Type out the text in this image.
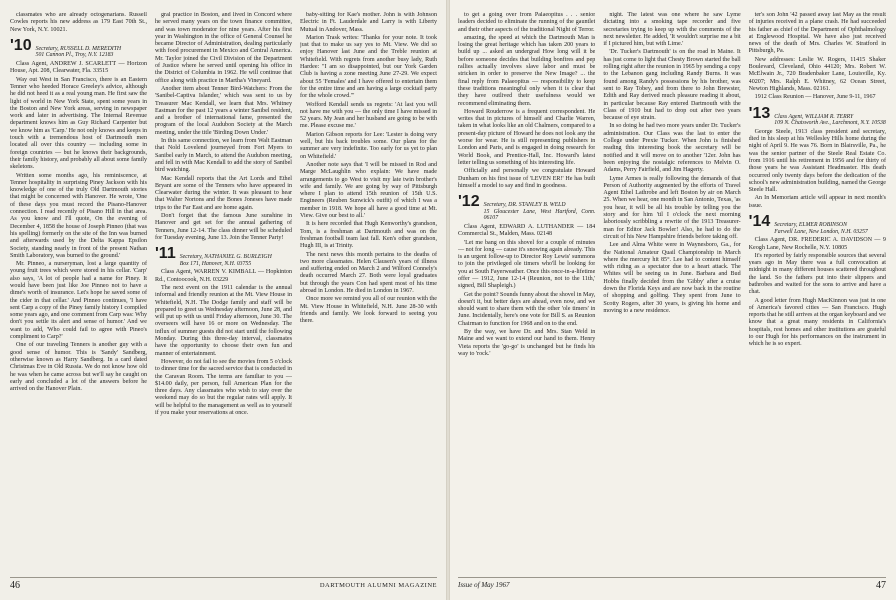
classmates who are already octogenarians. Russell Cowles reports his new address as 179 East 70th St., New York, N.Y. 10021.

'10 Secretary, RUSSELL D. MEREDITH
501 Cannon Pl., Troy, N.Y. 12183

Class Agent, ANDREW J. SCARLETT — Horizon House, Apt. 208, Clearwater, Fla. 33515

Way out West in San Francisco, there is an Eastern Tenner who heeded Horace Greeley's advice, although he did not heed it as a real young man. He first saw the light of world in New York State, spent some years in the Boston and New York areas, serving in newspaper work and later in advertising. The Internal Revenue department knows him as Guy Richard Carpenter but we know him as 'Carp.' He not only knows and keeps in touch with a tremendous host of Dartmouth men located all over this country — including some in foreign countries — but he knows their backgrounds, their family history, and probably all about some family skeletons.

Written some months ago, his reminiscence, at Tenner hospitality in surprising Piney Jackson with his knowledge of one of the truly Old Dartmouth stories that might be concerned with Hanover. He wrote, 'One of these days you must record the Pisano-Hanover connection. I read recently of Pisano Hill in that area. As you know and I'll quote, On the evening of December 4, 1858 the house of Joseph Pinneo (that was his spelling) formerly on the site of the Inn was burned and afterwards used by the Delta Kappa Epsilon Society, standing nearly in front of the present Nathan Smith Laboratory, was burned to the ground.'

Mr. Pinneo, a nurseryman, lost a large quantity of young fruit trees which were stored in his cellar. 'Carp' also says, 'A lot of people had a name for Piney. It would have been just like Joe Pinneo not to have a dime's worth of insurance. Let's hope he saved some of the cider in that cellar.' And Pinneo continues, 'I have sent Carp a copy of the Piney family history I compiled some years ago, and one comment from Carp was: Why don't you settle its alert and sense of humor.' And we want to add, 'Who could fail to agree with Pineo's compliment to Carp?'

One of our traveling Tenners is another guy with a good sense of humor. This is 'Sandy' Sandberg, otherwise known as Harry Sandberg. In a card dated Christmas Eve in Old Russia. We do not know how old he was when he came across but we'll say he caught on early and concluded a lot of the answers before he arrived on the Hanover Plain.

gral practice in Boston, and lived in Concord where he served many years on the town finance committee, and was town moderator for nine years. After his first year in Washington in the office of General Counsel he became Director of Administration, dealing particularly with food procurement in Mexico and Central America. Mr. Taylor joined the Civil Division of the Department of Justice where he served until opening his office in the District of Columbia in 1962. He will continue that office along with practice in Martha's Vineyard.

Another item about Tenner Bird-Watchers: From the 'Sanibel-Captiva Islander,' which was sent to us by Treasurer Mac Kendall, we learn that Mrs. Whitney Eastman for the past 12 years a winter Sanibel resident, and a brother of international fame, presented the program of the local Audubon Society at the March meeting, under the title 'Birding Down Under.'

In this same connection, we learn from Walt Eastman that Nold Lovelend journeyed from Fort Myers to Sanibel early in March, to attend the Audubon meeting, and fell in with Mac Kendall to add the story of Sanibel bird watching.

Mac Kendall reports that the Art Lords and Ethel Bryant are some of the Tenners who have appeared in Clearwater during the winter. It was pleasant to hear that Walter Nortons and the Bones Joneses have made trips to the Far East and are home again.

Don't forget that the famous June sunshine in Hanover and get set for the annual gathering of Tenners, June 12-14. The class dinner will be scheduled for Tuesday evening, June 13. Join the Tenner Party!

'11 Secretary, NATHANIEL G. BURLEIGH
Box 171, Hanover, N.H. 03755

Class Agent, WARREN V. KIMBALL — Hopkinton Rd., Contoocook, N.H. 03229

The next event on the 1911 calendar is the annual informal and friendly reunion at the Mt. View House in Whitefield, N.H. The Dodge family and staff will be prepared to greet us Wednesday afternoon, June 28, and will put up with us until Friday afternoon, June 30. The overseers will have 16 or more on Wednesday. The influx of summer guests did not start until the following Monday. During this three-day interval, classmates have the opportunity to choose their own fun and manner of entertainment.

However, do not fail to see the movies from 5 o'clock to dinner time for the sacred service that is conducted in the Caravan Room. The terms are familiar to you — $14.00 daily, per person, full American Plan for the three days. Any classmates who wish to stay over the weekend may do so but the regular rates will apply. It will be helpful to the management as well as to yourself if you make your reservations at once.

baby-sitting for Kae's mother. John is with Johnson Electric in Ft. Lauderdale and Larry is with Liberty Mutual in Andover, Mass.

Marion Trask writes: 'Thanks for your note. It took just that to make us say yes to Mt. View. We did so enjoy Hanover last June and the Treble reunion at Whitefield. With regrets from another busy lady, Ruth Hardee: "I am so disappointed, but our York Garden Club is having a zone meeting June 27-29. We expect about 55 'Females' and I have offered to entertain them for the entire time and am having a large cocktail party for the whole crowd."'

Wofford Kendall sends us regrets: 'At last you will not have me with you — the only time I have missed in 52 years. My Jean and her husband are going to be with me. Please excuse me.'

Marion Gibson reports for Lee: 'Lester is doing very well, but his back troubles some. Our plans for the summer are very indefinite. Too early for us yet to plan on Whitefield.'

Another note says that 'I will be missed in Rod and Marge McLaughlin who explain: We have made arrangements to go West to visit my late twin brother's wife and family. We are going by way of Pittsburgh where I plan to attend 15th reunion of 15th U.S. Engineers (Reuben Sunwick's outfit) of which I was a member in 1918. We hope all have a good time at Mt. View. Give our best to all.'

It is here recorded that Hugh Kenworthy's grandson, Tom, is a freshman at Dartmouth and was on the freshman football team last fall. Ken's other grandson, Hugh III, is at Trinity.

The next news this month pertains to the deaths of two more classmates. Helen Clausen's years of illness and suffering ended on March 2 and Wilford Connely's death occurred March 27. Both were loyal graduates but through the years Con had spent most of his time abroad in London. He died in London in 1967.

Once more we remind you all of our reunion with the Mt. View House in Whitefield, N.H. June 28-30 with friends and family. We look forward to seeing you there.

46	DARTMOUTH ALUMNI MAGAZINE

to get a going over from Palaeopitus . . . senior leaders decided to eliminate the running of the gauntlet and their other aspects of the traditional Night of Terror.

amazing, the speed at which the Dartmouth Man is losing the great heritage which has taken 200 years to build up ... asked an undergrad How long will it be before someone decides that building bonfires and pep rallies actually involves slave labor and must be stricken in order to preserve the New Image? ... the final reply from Palaeopitus — responsibility to keep these traditions meaningful only when it is clear that they have outlived their usefulness would we recommend eliminating them.

Howard Rouderrow is a frequent correspondent. He writes that in pictures of himself and Charlie Warren, taken in what looks like an old Chalmers, compared to a present-day picture of Howard he does not look any the worse for wear. He is still representing publishers in London and Paris, and is engaged in doing research for World Book, and Prentice-Hall, Inc. Howard's latest letter telling us something of his interesting life.

Officially and personally we congratulate Howard Dunham on his first issue of 'LEVEN ER!' He has built himself a model to say and find in goodness.

'12 Secretary, DR. STANLEY B. WELD
15 Gloucester Lane, West Hartford, Conn. 06107

Class Agent, EDWARD A. LUTHANDER — 184 Commercial St., Malden, Mass. 02148

'Let me bang on this shovel for a couple of minutes — not for long — cause it's snowing again already. This is an urgent follow-up to Director Roy Lewis' summons to join the privileged ole timers who'll be looking for you at South Fayerweather. Once this once-in-a-lifetime offer — 1912, June 12-14 (Reunion, not to the 11th,' signed, Bill Shapleigh.)

Get the point? Sounds funny about the shovel in May, doesn't it, but better days are ahead, even now, and we should want to share them with the other 'ole timers' in June. Incidentally, here's one vote for Bill S. as Reunion Chairman to function for 1968 and on to the end.

By the way, we have Dr. and Mrs. Stan Weld in Maine and we want to extend our hand to them. Henry Vieta reports the 'go-go' is unchanged but he finds his way to 'rock.'

night. The latest was one where he saw Lyme dictating into a smoking tape recorder and five secretaries trying to keep up with the comments of the next newsletter. He added, 'It wouldn't surprise me a bit if I pictured him, but with Lime.'

'Dr. Tucker's Dartmouth' is on the road in Maine. It has just come to light that Chesty Brown started the ball rolling right after the reunion in 1965 by sending a copy to the Lebanon gang including Randy Burns. It was found among Randy's possessions by his brother, was sent to Ray Tobey, and from there to John Brewster, Edith and Ray derived much pleasure reading it about, in particular because Ray entered Dartmouth with the Class of 1910 but had to drop out after two years because of eye strain.

In so doing he had two more years under Dr. Tucker's administration. Our Class was the last to enter the College under Prexie Tucker. When John is finished reading this interesting book the secretary will be notified and it will move on to another '12er. John has been enjoying the nostalgic references to Melvin O. Adams, Perry Fairfield, and Jim Hagerty.

Lyme Armes is really following the demands of that Person of Authority augmented by the efforts of Travel Agent Ethel Lathrobe and left Boston by air on March 25. When we hear, one month in San Antonio, Texas, 'as you hear, it will be all his trouble by telling you the story and for him 'til I o'clock the next morning laboriously scribbling a rewrite of the 1913 Treasurer-man for Editor Jack Bowler! Also, he had to do the circuit of his New Hampshire friends before taking off.

Lee and Alma White were in Waynesboro, Ga., for the National Amateur Quail Championship in March where the mercury hit 85°. Lee had to content himself with riding as a spectator due to a heart attack. The Whites will be seeing us in June. Barbara and Bud Hobbs finally decided from the 'Gibby' after a cruise down the Florida Keys and are now back in the routine of shopping and golfing. They spent from June to Scotty Rogers, after 30 years, is giving his home and moving to a new residence.

ter's son John '42 passed away last May as the result of injuries received in a plane crash. He had succeeded his father as chief of the Department of Ophthalmology at Englewood Hospital. We have also just received news of the death of Mrs. Charles W. Stratford in Pittsburgh, Pa.

New addresses: Leslie W. Rogers, 11415 Shaker Boulevard, Cleveland, Ohio 44120; Mrs. Robert W. McElwain Jr., 720 Bradenbaker Lane, Louisville, Ky. 40207; Mrs. Ralph E. Whitney, 62 Ocean Street, Newton Highlands, Mass. 02161.

1912 Class Reunion — Hanover, June 9-11, 1967

'13 Class Agent, WILLIAM R. TERRY
109 N. Chatsworth Ave., Larchmont, N.Y. 10538

George Steele, 1913 class president and secretary, died in his sleep at his Wellesley Hills home during the night of April 9. He was 76. Born in Blairsville, Pa., he was the senior partner of the Steele Real Estate Co. from 1916 until his retirement in 1956 and for thirty of those years he was Assistant Headmaster. His death occurred only twenty days before the dedication of the school's new administration building, named the George Steele Hall.

An In Memoriam article will appear in next month's issue.

'14 Secretary, ELMER ROBINSON
Farwell Lane, New London, N.H. 03257

Class Agent, DR. FREDERIC A. DAVIDSON — 9 Keogh Lane, New Rochelle, N.Y. 10805

It's reported by fairly responsible sources that several years ago in May there was a full convocation at midnight in many different houses scattered throughout the land. So the fathers put into their slippers and bathrobes and waited for the sons to arrive and have a chat.

A good letter from Hugh MacKinnon was just in one of America's favored cities — San Francisco. Hugh reports that he still arrives at the organ keyboard and we know that a great many residents in California's hospitals, rest homes and other institutions are grateful to our Hugh for his performances on the instrument in which he is so expert.

Issue of May 1967	47
